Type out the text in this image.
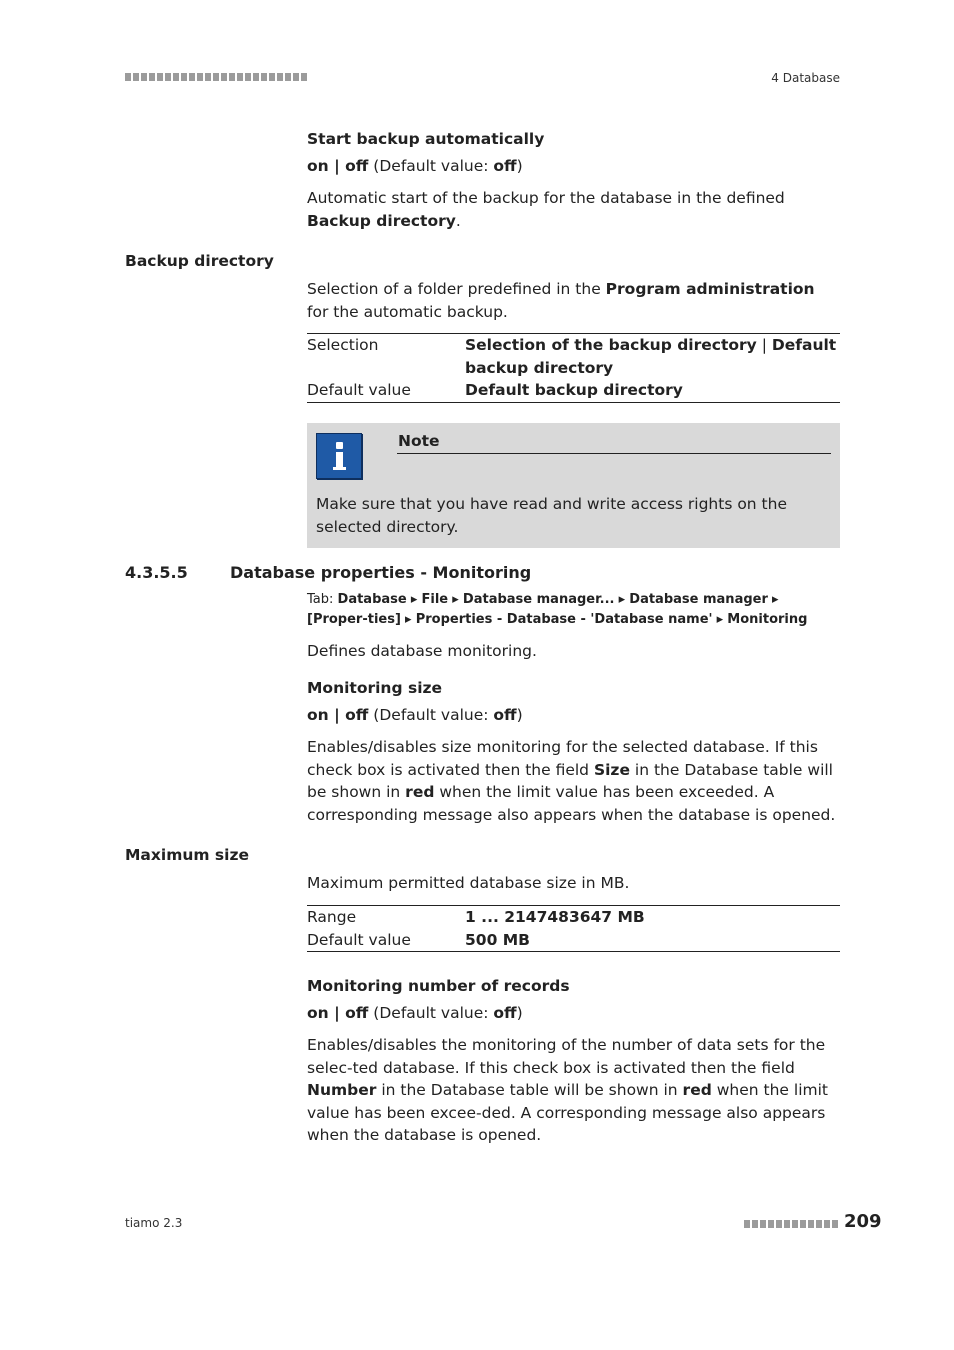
4 Database
Start backup automatically
on | off (Default value: off)
Automatic start of the backup for the database in the defined Backup directory.
Backup directory
Selection of a folder predefined in the Program administration for the automatic backup.
Selection	Selection of the backup directory | Default backup directory
Default value	Default backup directory
Note
Make sure that you have read and write access rights on the selected directory.
4.3.5.5	Database properties - Monitoring
Tab: Database ▸ File ▸ Database manager... ▸ Database manager ▸ [Proper-ties] ▸ Properties - Database - 'Database name' ▸ Monitoring
Defines database monitoring.
Monitoring size
on | off (Default value: off)
Enables/disables size monitoring for the selected database. If this check box is activated then the field Size in the Database table will be shown in red when the limit value has been exceeded. A corresponding message also appears when the database is opened.
Maximum size
Maximum permitted database size in MB.
Range	1 ... 2147483647 MB
Default value	500 MB
Monitoring number of records
on | off (Default value: off)
Enables/disables the monitoring of the number of data sets for the selec-ted database. If this check box is activated then the field Number in the Database table will be shown in red when the limit value has been excee-ded. A corresponding message also appears when the database is opened.
tiamo 2.3	209
